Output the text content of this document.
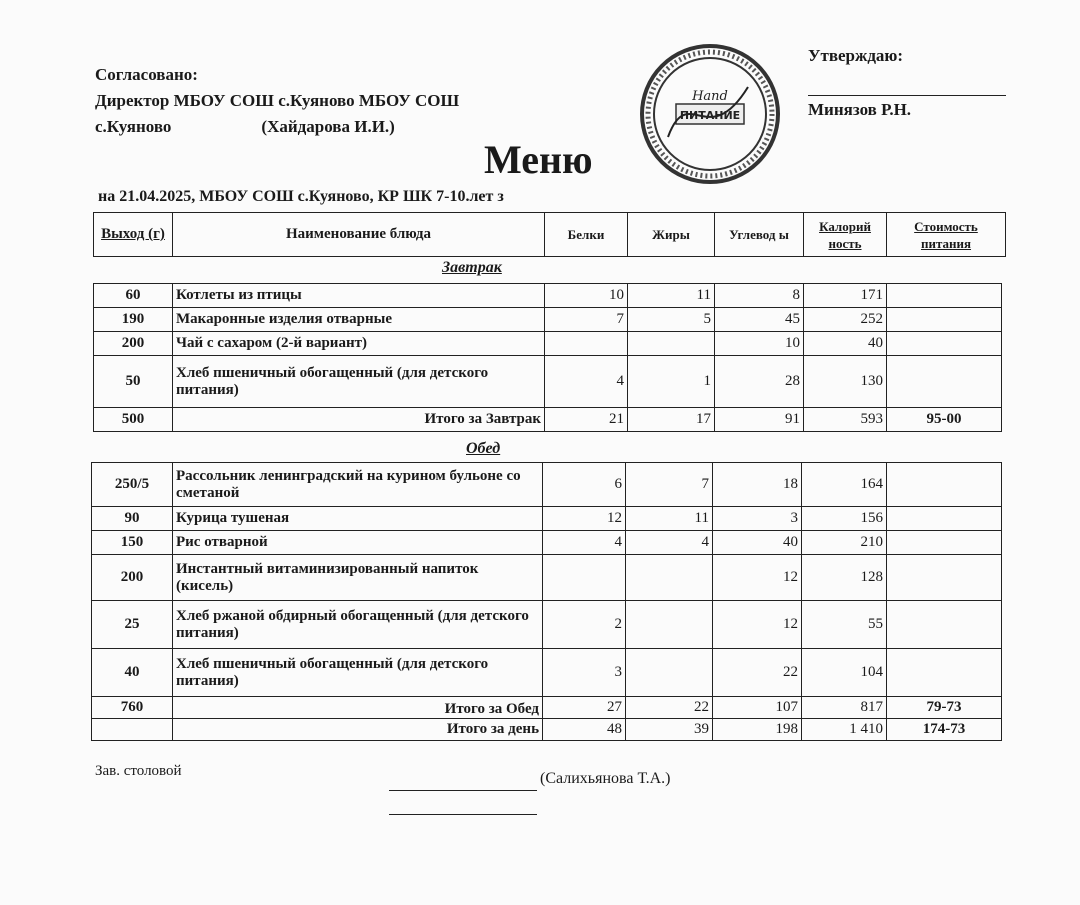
Согласовано:
Директор МБОУ СОШ с.Куяново МБОУ СОШ
с.Куяново	(Хайдарова И.И.)
Утверждаю:
Минязов Р.Н.
Hand
ПИТАНИЕ
Меню
на 21.04.2025, МБОУ СОШ с.Куяново, КР ШК 7-10.лет з
Выход (г)	Наименование блюда	Белки	Жиры	Углевод ы	Калорий ность	Стоимость питания
Завтрак
60	Котлеты из птицы	10	11	8	171	
190	Макаронные изделия отварные	7	5	45	252	
200	Чай с сахаром (2-й вариант)			10	40	
50	Хлеб пшеничный обогащенный (для детского питания)	4	1	28	130	
500	Итого за Завтрак	21	17	91	593	95-00
Обед
250/5	Рассольник ленинградский на курином бульоне со сметаной	6	7	18	164	
90	Курица тушеная	12	11	3	156	
150	Рис отварной	4	4	40	210	
200	Инстантный витаминизированный напиток (кисель)			12	128	
25	Хлеб ржаной обдирный обогащенный (для детского питания)	2		12	55	
40	Хлеб пшеничный обогащенный (для детского питания)	3		22	104	
760	Итого за Обед	27	22	107	817	79-73
	Итого за день	48	39	198	1 410	174-73
Зав. столовой	(Салихьянова Т.А.)
